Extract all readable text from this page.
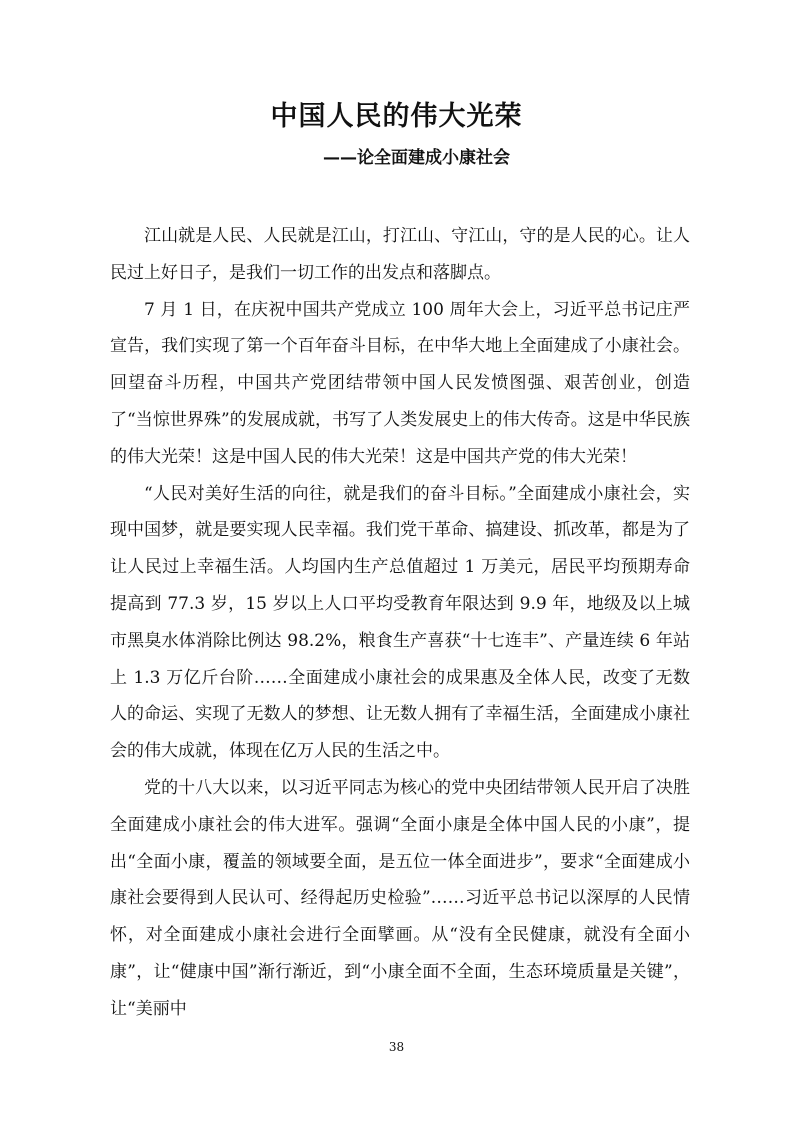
中国人民的伟大光荣
——论全面建成小康社会

江山就是人民、人民就是江山，打江山、守江山，守的是人民的心。让人民过上好日子，是我们一切工作的出发点和落脚点。

7 月 1 日，在庆祝中国共产党成立 100 周年大会上，习近平总书记庄严宣告，我们实现了第一个百年奋斗目标，在中华大地上全面建成了小康社会。回望奋斗历程，中国共产党团结带领中国人民发愤图强、艰苦创业，创造了“当惊世界殊”的发展成就，书写了人类发展史上的伟大传奇。这是中华民族的伟大光荣！这是中国人民的伟大光荣！这是中国共产党的伟大光荣！

“人民对美好生活的向往，就是我们的奋斗目标。”全面建成小康社会，实现中国梦，就是要实现人民幸福。我们党干革命、搞建设、抓改革，都是为了让人民过上幸福生活。人均国内生产总值超过 1 万美元，居民平均预期寿命提高到 77.3 岁，15 岁以上人口平均受教育年限达到 9.9 年，地级及以上城市黑臭水体消除比例达 98.2%，粮食生产喜获“十七连丰”、产量连续 6 年站上 1.3 万亿斤台阶……全面建成小康社会的成果惠及全体人民，改变了无数人的命运、实现了无数人的梦想、让无数人拥有了幸福生活，全面建成小康社会的伟大成就，体现在亿万人民的生活之中。

党的十八大以来，以习近平同志为核心的党中央团结带领人民开启了决胜全面建成小康社会的伟大进军。强调“全面小康是全体中国人民的小康”，提出“全面小康，覆盖的领域要全面，是五位一体全面进步”，要求“全面建成小康社会要得到人民认可、经得起历史检验”……习近平总书记以深厚的人民情怀，对全面建成小康社会进行全面擘画。从“没有全民健康，就没有全面小康”，让“健康中国”渐行渐近，到“小康全面不全面，生态环境质量是关键”，让“美丽中

38
